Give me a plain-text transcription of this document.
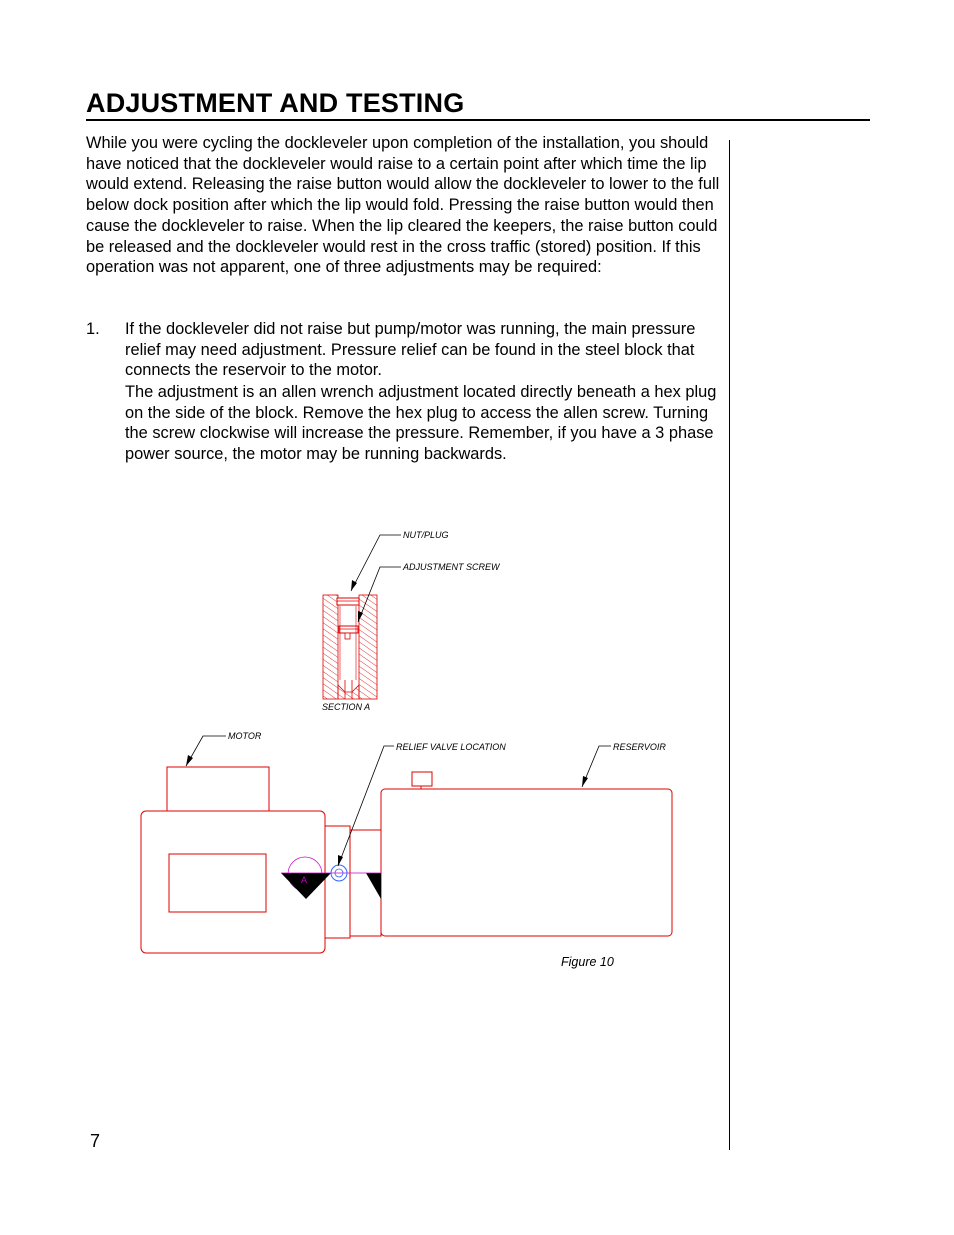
ADJUSTMENT AND TESTING

While you were cycling the dockleveler upon completion of the installation, you should have noticed that the dockleveler would raise to a certain point after which time the lip would extend. Releasing the raise button would allow the dockleveler to lower to the full below dock position after which the lip would fold. Pressing the raise button would then cause the dockleveler to raise. When the lip cleared the keepers, the raise button could be released and the dockleveler would rest in the cross traffic (stored) position. If this operation was not apparent, one of three adjustments may be required:

1. If the dockleveler did not raise but pump/motor was running, the main pressure relief may need adjustment. Pressure relief can be found in the steel block that connects the reservoir to the motor.

The adjustment is an allen wrench adjustment located directly beneath a hex plug on the side of the block. Remove the hex plug to access the allen screw. Turning the screw clockwise will increase the pressure. Remember, if you have a 3 phase power source, the motor may be running backwards.

NUT/PLUG
ADJUSTMENT SCREW
SECTION A
A
MOTOR
RELIEF VALVE LOCATION	RESERVOIR
Figure 10
7
